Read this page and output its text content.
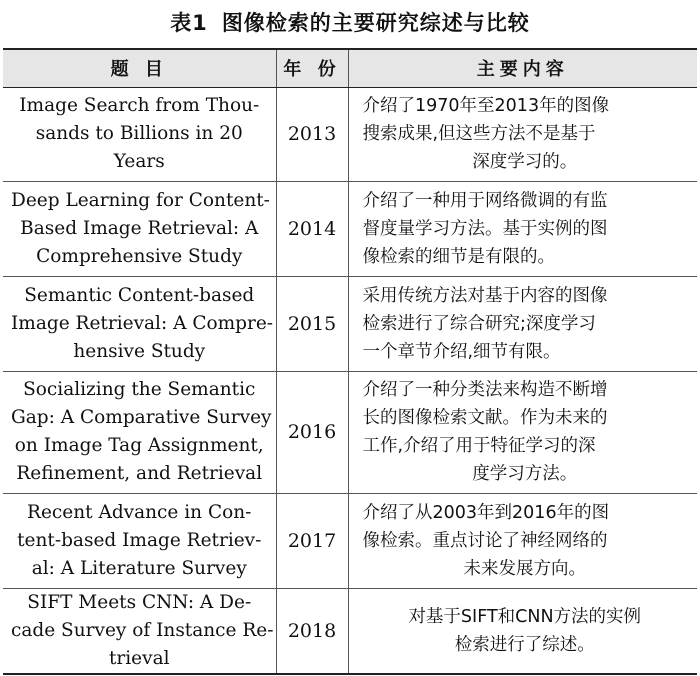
表1 图像检索的主要研究综述与比较
题 目	年 份	主要内容

Image Search from Thou-
sands to Billions in 20
Years	2013	介绍了1970年至2013年的图像
搜索成果,但这些方法不是基于
深度学习的。

Deep Learning for Content-
Based Image Retrieval: A
Comprehensive Study	2014	介绍了一种用于网络微调的有监
督度量学习方法。基于实例的图
像检索的细节是有限的。

Semantic Content-based
Image Retrieval: A Compre-
hensive Study	2015	采用传统方法对基于内容的图像
检索进行了综合研究;深度学习
一个章节介绍,细节有限。

Socializing the Semantic
Gap: A Comparative Survey
on Image Tag Assignment,
Refinement, and Retrieval	2016	介绍了一种分类法来构造不断增
长的图像检索文献。作为未来的
工作,介绍了用于特征学习的深
度学习方法。

Recent Advance in Con-
tent-based Image Retriev-
al: A Literature Survey	2017	介绍了从2003年到2016年的图
像检索。重点讨论了神经网络的
未来发展方向。

SIFT Meets CNN: A De-
cade Survey of Instance Re-
trieval	2018	对基于SIFT和CNN方法的实例
检索进行了综述。
